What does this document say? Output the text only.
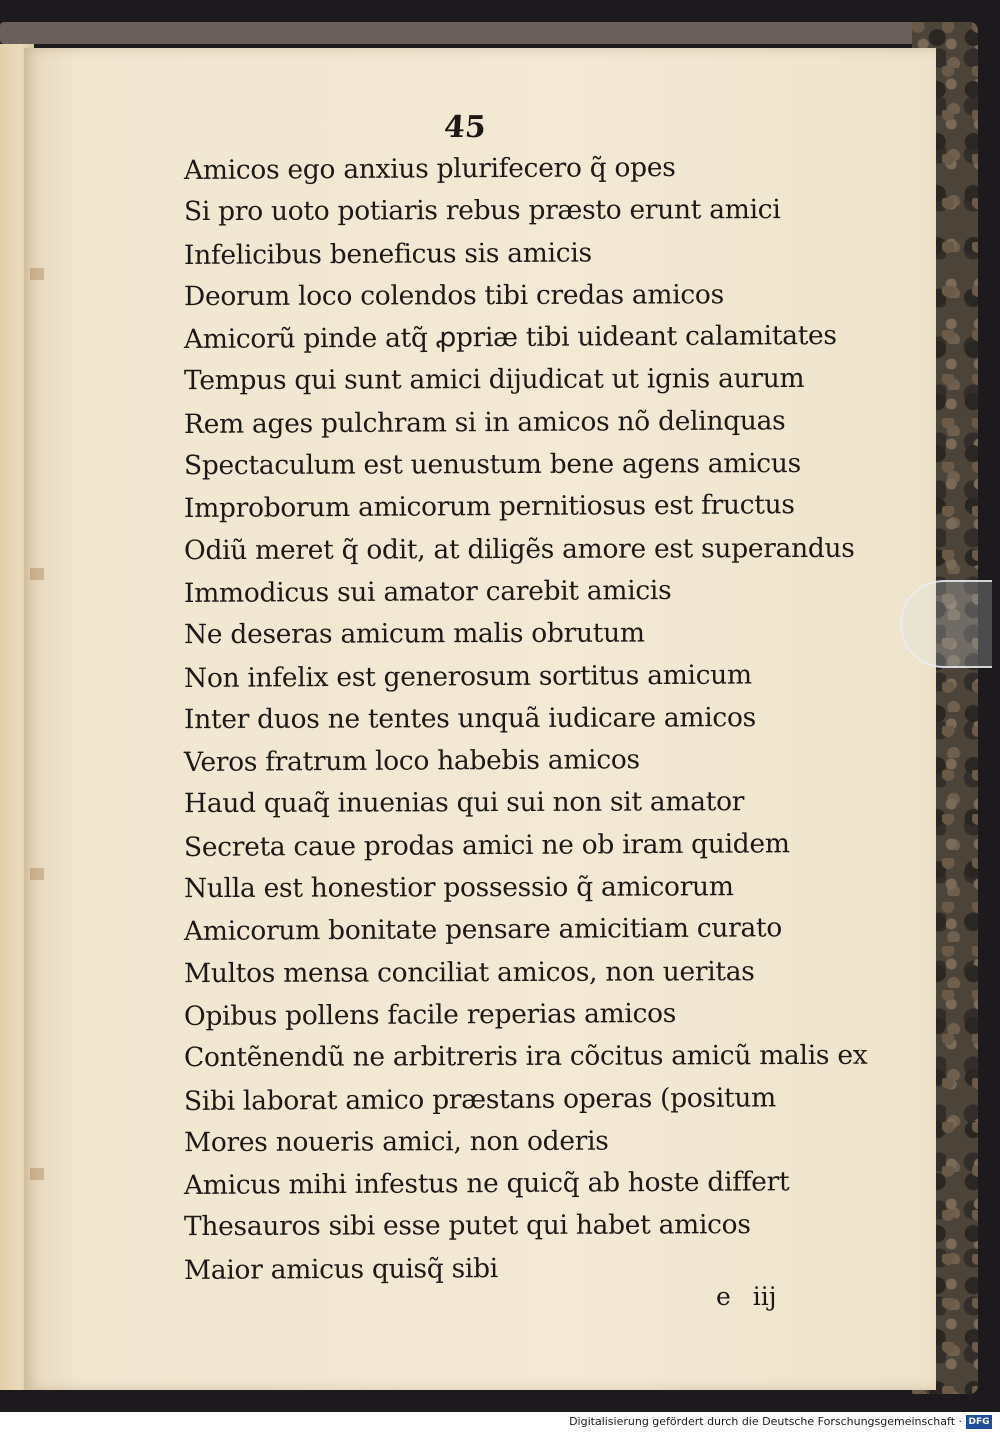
45
Amicos ego anxius plurifecero q̃ opes
Si pro uoto potiaris rebus præsto erunt amici
Infelicibus beneficus sis amicis
Deorum loco colendos tibi credas amicos
Amicorũ pinde atq̃ ꝓpriæ tibi uideant calamitates
Tempus qui sunt amici dijudicat ut ignis aurum
Rem ages pulchram si in amicos nõ delinquas
Spectaculum est uenustum bene agens amicus
Improborum amicorum pernitiosus est fructus
Odiũ meret q̃ odit, at diligẽs amore est superandus
Immodicus sui amator carebit amicis
Ne deseras amicum malis obrutum
Non infelix est generosum sortitus amicum
Inter duos ne tentes unquã iudicare amicos
Veros fratrum loco habebis amicos
Haud quaq̃ inuenias qui sui non sit amator
Secreta caue prodas amici ne ob iram quidem
Nulla est honestior possessio q̃ amicorum
Amicorum bonitate pensare amicitiam curato
Multos mensa conciliat amicos, non ueritas
Opibus pollens facile reperias amicos
Contẽnendũ ne arbitreris ira cõcitus amicũ malis ex
Sibi laborat amico præstans operas (positum
Mores noueris amici, non oderis
Amicus mihi infestus ne quicq̃ ab hoste differt
Thesauros sibi esse putet qui habet amicos
Maior amicus quisq̃ sibi
e iij
Digitalisierung gefördert durch die Deutsche Forschungsgemeinschaft · DFG
